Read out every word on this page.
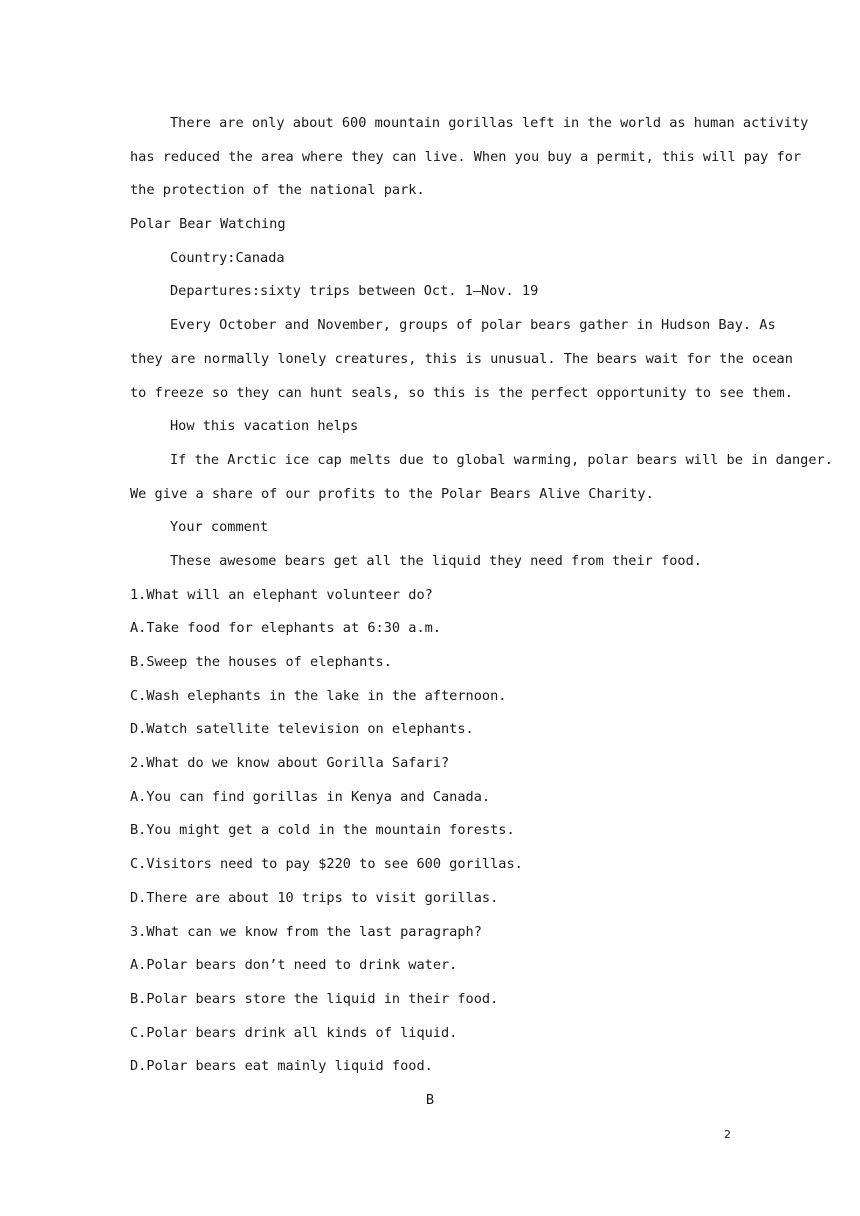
There are only about 600 mountain gorillas left in the world as human activity
has reduced the area where they can live. When you buy a permit, this will pay for
the protection of the national park.
Polar Bear Watching
Country:Canada
Departures:sixty trips between Oct. 1—Nov. 19
Every October and November, groups of polar bears gather in Hudson Bay. As
they are normally lonely creatures, this is unusual. The bears wait for the ocean
to freeze so they can hunt seals, so this is the perfect opportunity to see them.
How this vacation helps
If the Arctic ice cap melts due to global warming, polar bears will be in danger.
We give a share of our profits to the Polar Bears Alive Charity.
Your comment
These awesome bears get all the liquid they need from their food.
1.What will an elephant volunteer do?
A.Take food for elephants at 6:30 a.m.
B.Sweep the houses of elephants.
C.Wash elephants in the lake in the afternoon.
D.Watch satellite television on elephants.
2.What do we know about Gorilla Safari?
A.You can find gorillas in Kenya and Canada.
B.You might get a cold in the mountain forests.
C.Visitors need to pay $220 to see 600 gorillas.
D.There are about 10 trips to visit gorillas.
3.What can we know from the last paragraph?
A.Polar bears don’t need to drink water.
B.Polar bears store the liquid in their food.
C.Polar bears drink all kinds of liquid.
D.Polar bears eat mainly liquid food.
B
2
